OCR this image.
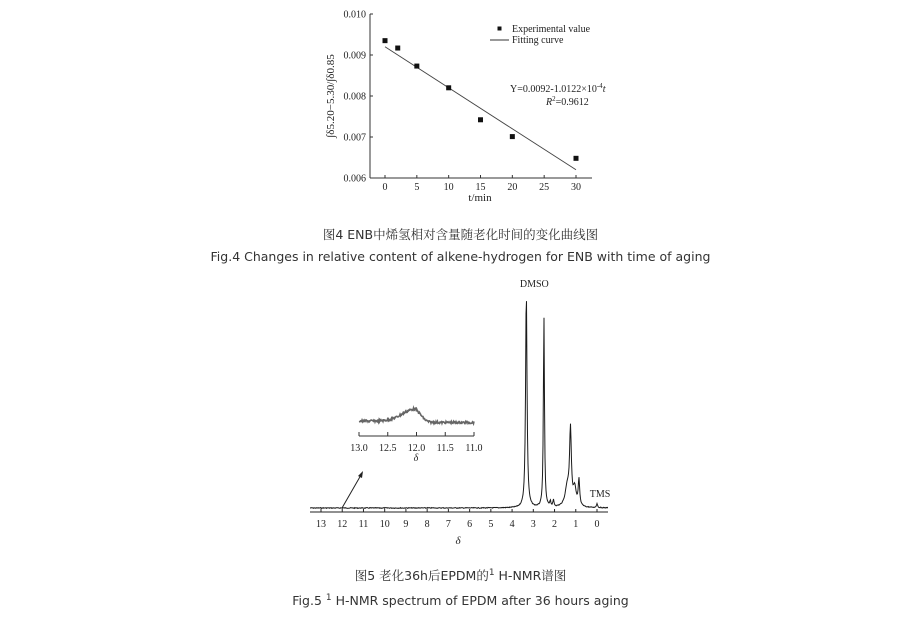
0	5 10 15 20 25 30
0.006
0.007
0.008
0.009
0.010
t/min
∫δ5.20−5.30/∫δ0.85
Experimental value
Fitting curve
$Y=0.0092-1.0122\times 10^{-4}t$
$R^2=0.9612$
图4 ENB中烯氢相对含量随老化时间的变化曲线图
Fig.4 Changes in relative content of alkene-hydrogen for ENB with time of aging
13 12 11 10 9 8 7 6 5 4 3 2 1 0
DMSO
TMS
δ
13.0 12.5 12.0 11.5 11.0
δ
图5 老化36h后EPDM的$^1$ H-NMR谱图
Fig.5 $^1$ H-NMR spectrum of EPDM after 36 hours aging
